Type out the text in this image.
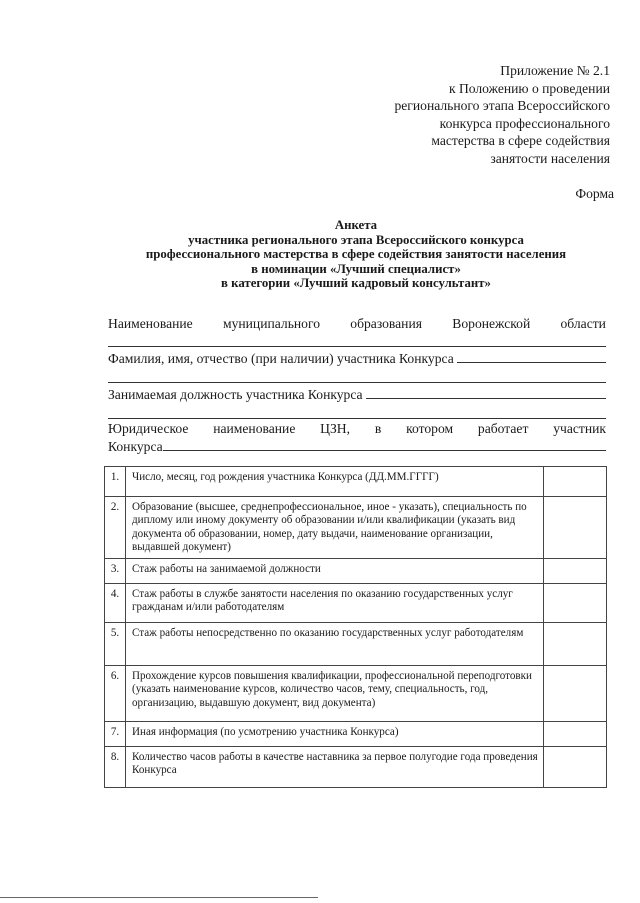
Приложение № 2.1
к Положению о проведении
регионального этапа Всероссийского
конкурса профессионального
мастерства в сфере содействия
занятости населения
Форма
Анкета
участника регионального этапа Всероссийского конкурса
профессионального мастерства в сфере содействия занятости населения
в номинации «Лучший специалист»
в категории «Лучший кадровый консультант»
Наименование муниципального образования Воронежской области
Фамилия, имя, отчество (при наличии) участника Конкурса
Занимаемая должность участника Конкурса
Юридическое наименование ЦЗН, в котором работает участник
Конкурса
1.	Число, месяц, год рождения участника Конкурса (ДД.ММ.ГГГГ)	
2.	Образование (высшее, среднепрофессиональное, иное - указать), специальность по диплому или иному документу об образовании и/или квалификации (указать вид документа об образовании, номер, дату выдачи, наименование организации, выдавшей документ)	
3.	Стаж работы на занимаемой должности	
4.	Стаж работы в службе занятости населения по оказанию государственных услуг гражданам и/или работодателям	
5.	Стаж работы непосредственно по оказанию государственных услуг работодателям	
6.	Прохождение курсов повышения квалификации, профессиональной переподготовки (указать наименование курсов, количество часов, тему, специальность, год, организацию, выдавшую документ, вид документа)	
7.	Иная информация (по усмотрению участника Конкурса)	
8.	Количество часов работы в качестве наставника за первое полугодие года проведения Конкурса	
